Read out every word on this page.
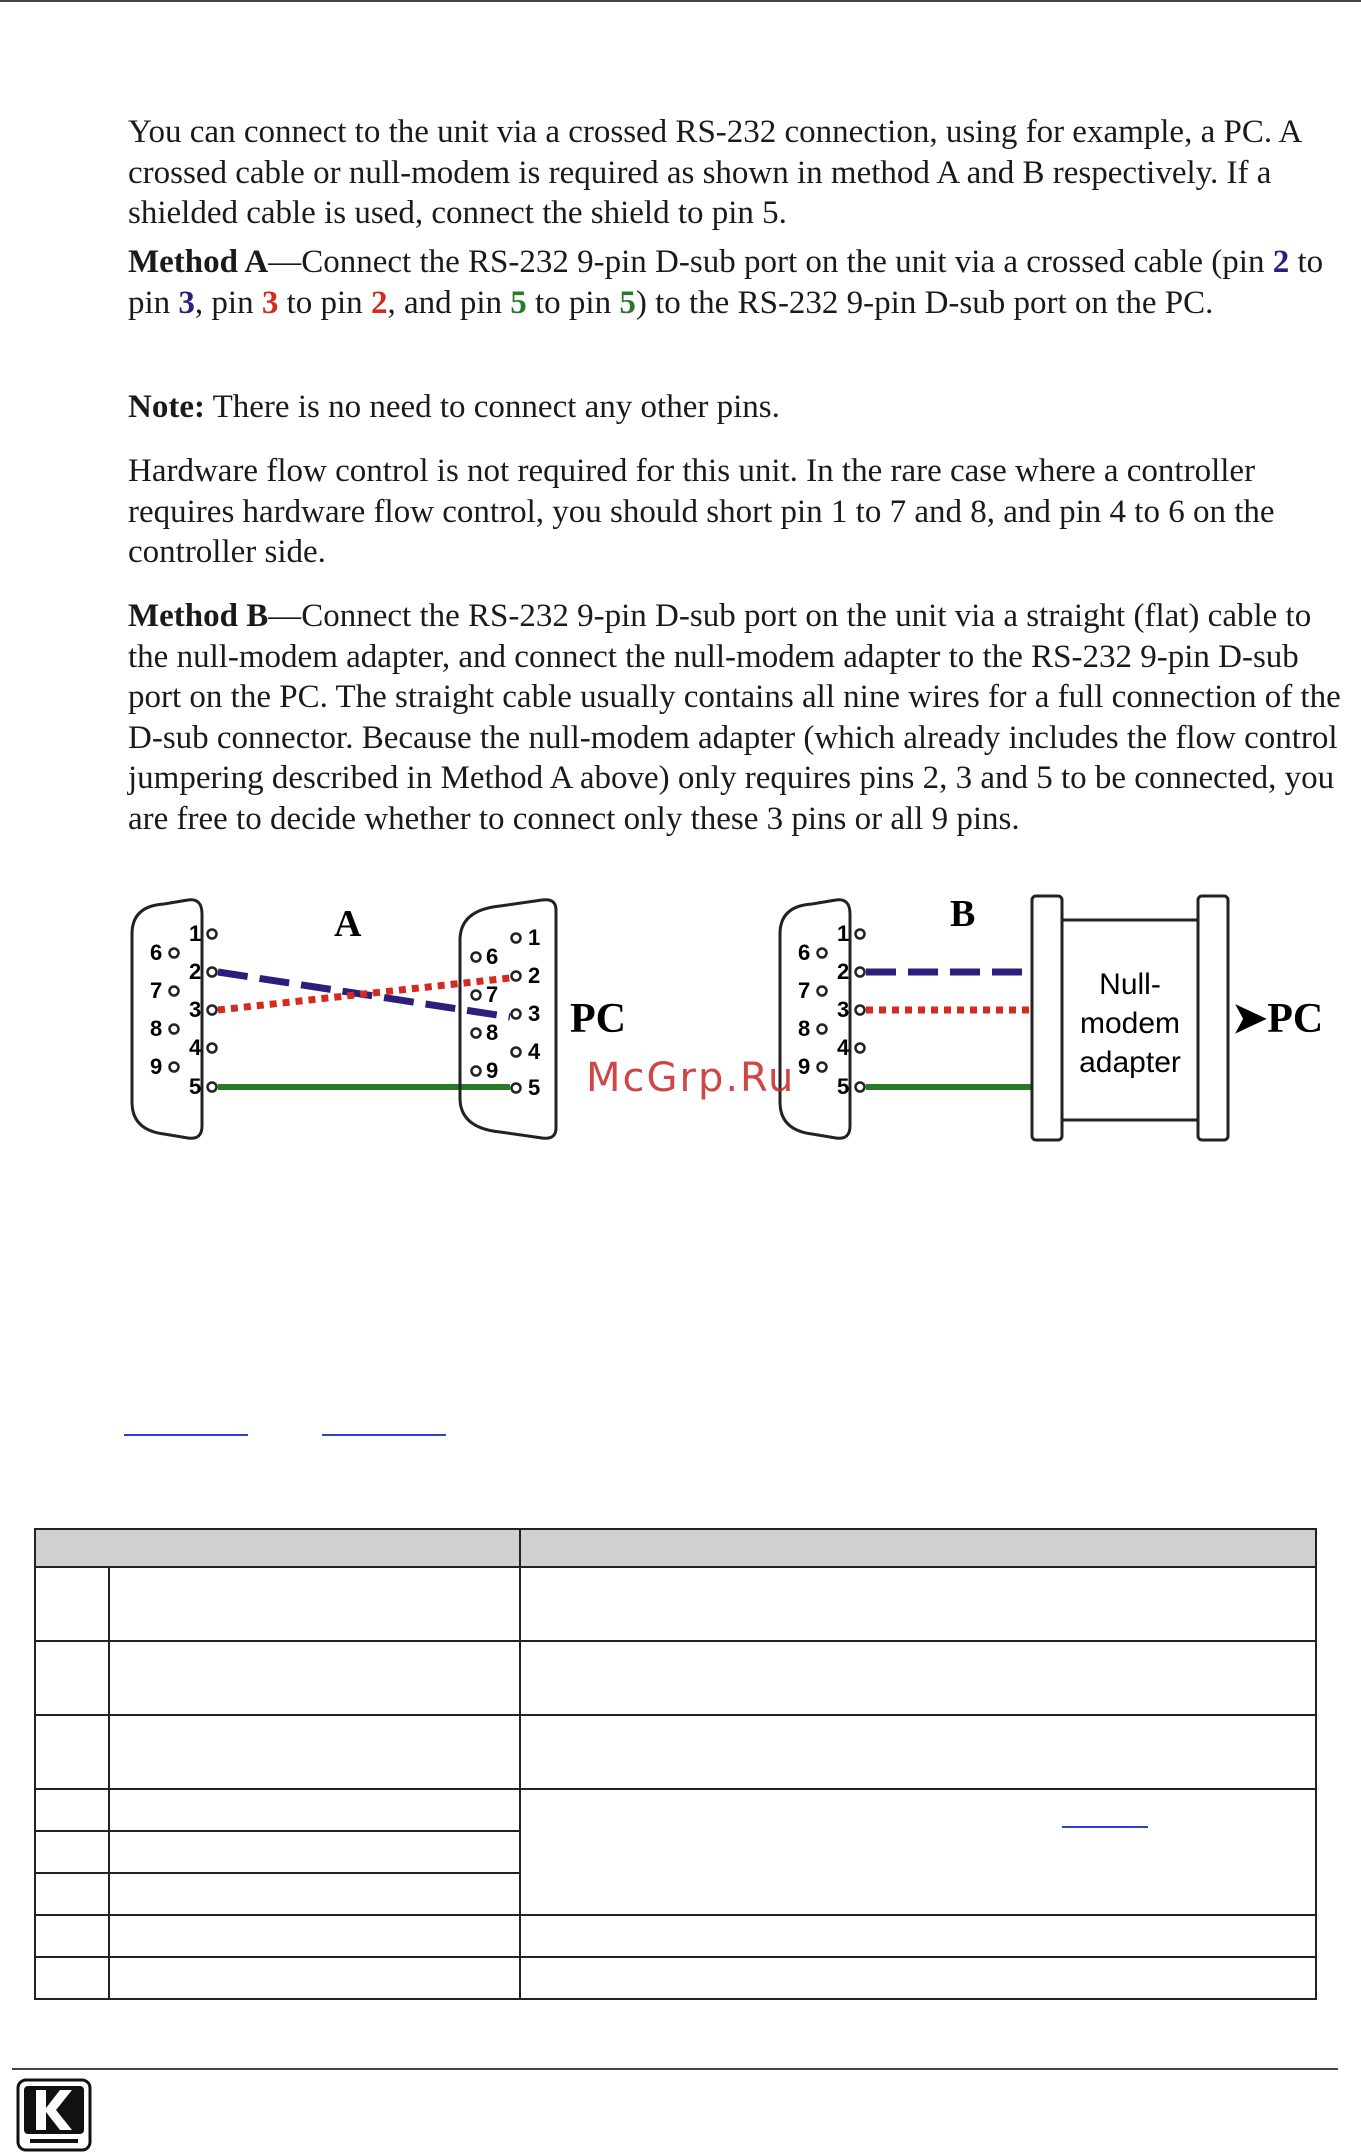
You can connect to the unit via a crossed RS-232 connection, using for example, a PC. A crossed cable or null-modem is required as shown in method A and B respectively. If a shielded cable is used, connect the shield to pin 5.

Method A—Connect the RS-232 9-pin D-sub port on the unit via a crossed cable (pin 2 to pin 3, pin 3 to pin 2, and pin 5 to pin 5) to the RS-232 9-pin D-sub port on the PC.

Note: There is no need to connect any other pins.

Hardware flow control is not required for this unit. In the rare case where a controller requires hardware flow control, you should short pin 1 to 7 and 8, and pin 4 to 6 on the controller side.

Method B—Connect the RS-232 9-pin D-sub port on the unit via a straight (flat) cable to the null-modem adapter, and connect the null-modem adapter to the RS-232 9-pin D-sub port on the PC. The straight cable usually contains all nine wires for a full connection of the D-sub connector. Because the null-modem adapter (which already includes the flow control jumpering described in Method A above) only requires pins 2, 3 and 5 to be connected, you are free to decide whether to connect only these 3 pins or all 9 pins.

6
7
8
9
1
2
3
4
5
A	1
2
3
4
5
6
7
8
9
PC
6
7
8
9
1
2
3
4
5
B
Null-
modem
adapter
➤PC
McGrp.Ru
